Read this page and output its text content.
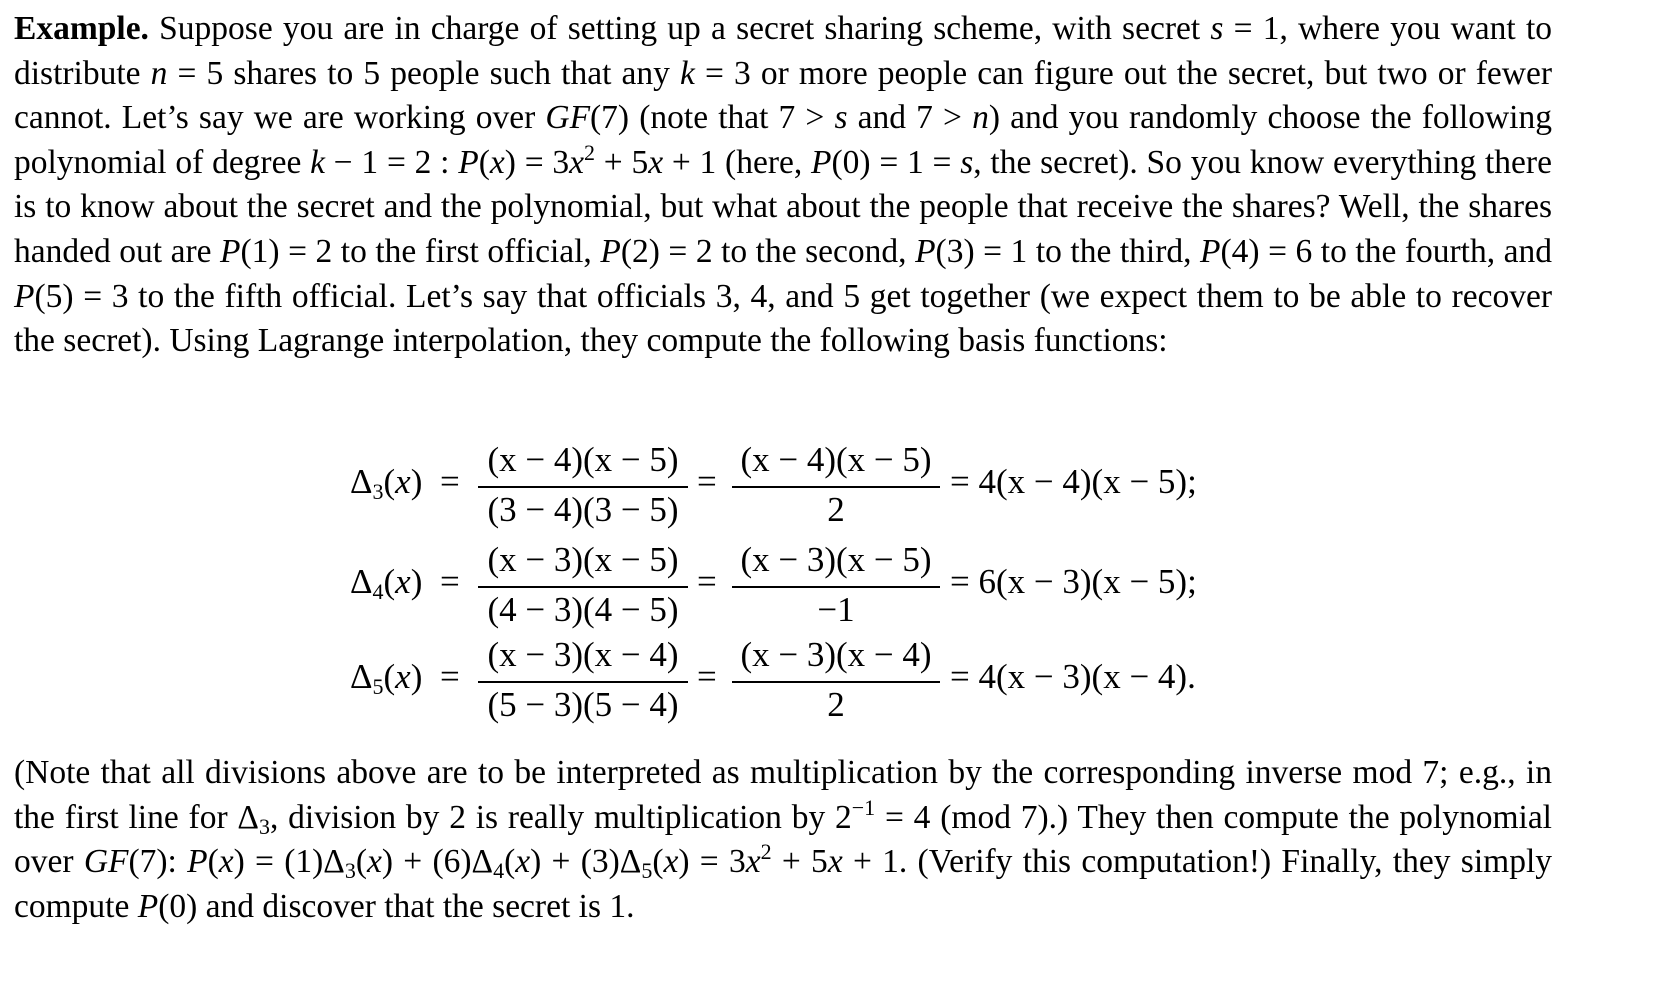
Example. Suppose you are in charge of setting up a secret sharing scheme, with secret s = 1, where you want to distribute n = 5 shares to 5 people such that any k = 3 or more people can figure out the secret, but two or fewer cannot. Let’s say we are working over GF(7) (note that 7 > s and 7 > n) and you randomly choose the following polynomial of degree k − 1 = 2 : $P(x) = 3x^2 + 5x + 1$ (here, P(0) = 1 = s, the secret). So you know everything there is to know about the secret and the polynomial, but what about the people that receive the shares? Well, the shares handed out are P(1) = 2 to the first official, P(2) = 2 to the second, P(3) = 1 to the third, P(4) = 6 to the fourth, and P(5) = 3 to the fifth official. Let’s say that officials 3, 4, and 5 get together (we expect them to be able to recover the secret). Using Lagrange interpolation, they compute the following basis functions:
$\Delta_3(x)$ =
(x − 4)(x − 5)
(3 − 4)(3 − 5)
=
(x − 4)(x − 5)
2
= 4(x − 4)(x − 5);
$\Delta_4(x)$ =
(x − 3)(x − 5)
(4 − 3)(4 − 5)
=
(x − 3)(x − 5)
−1
= 6(x − 3)(x − 5);
$\Delta_5(x)$ =
(x − 3)(x − 4)
(5 − 3)(5 − 4)
=
(x − 3)(x − 4)
2
= 4(x − 3)(x − 4).
(Note that all divisions above are to be interpreted as multiplication by the corresponding inverse mod 7; e.g., in the first line for $\Delta_3$, division by 2 is really multiplication by $2^{-1} = 4$ (mod 7).) They then compute the polynomial over GF(7): $P(x) = (1)\Delta_3(x) + (6)\Delta_4(x) + (3)\Delta_5(x) = 3x^2 + 5x + 1$. (Verify this computation!) Finally, they simply compute P(0) and discover that the secret is 1.
